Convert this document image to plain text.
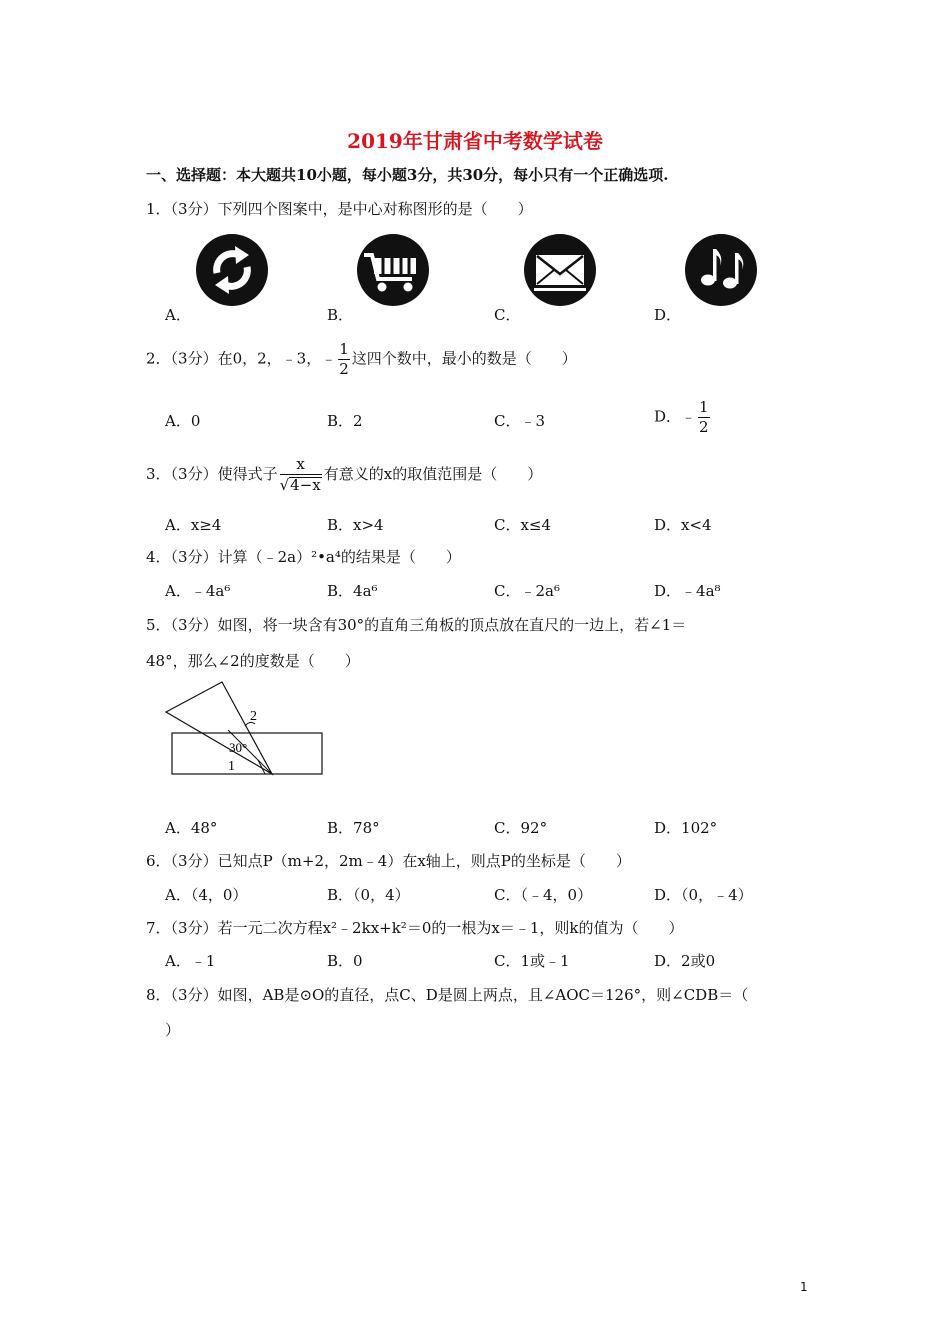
2019年甘肃省中考数学试卷
一、选择题：本大题共10小题，每小题3分，共30分，每小只有一个正确选项.
1．（3分）下列四个图案中，是中心对称图形的是（　　）
A．	B．	C．	D．
2．（3分）在0，2，﹣3，﹣ $\frac{1}{2}$ 这四个数中，最小的数是（　　）
A．0	B．2	C．﹣3	D．﹣ $\frac{1}{2}$
3．（3分）使得式子 $\frac{x}{√4-x}$ 有意义的x的取值范围是（　　）
A．x≥4	B．x>4	C．x≤4	D．x<4
4．（3分）计算（﹣2a）²•a⁴的结果是（　　）
A．﹣4a⁶	B．4a⁶	C．﹣2a⁶	D．﹣4a⁸
5．（3分）如图，将一块含有30°的直角三角板的顶点放在直尺的一边上，若∠1＝
48°，那么∠2的度数是（　　）
2
30°
1
A．48°	B．78°	C．92°	D．102°
6．（3分）已知点P（m+2，2m﹣4）在x轴上，则点P的坐标是（　　）
A．（4，0）	B．（0，4）	C．（﹣4，0）	D．（0，﹣4）
7．（3分）若一元二次方程x²﹣2kx+k²＝0的一根为x＝﹣1，则k的值为（　　）
A．﹣1	B．0	C．1或﹣1	D．2或0
8．（3分）如图，AB是⊙O的直径，点C、D是圆上两点，且∠AOC＝126°，则∠CDB＝（
）
1
